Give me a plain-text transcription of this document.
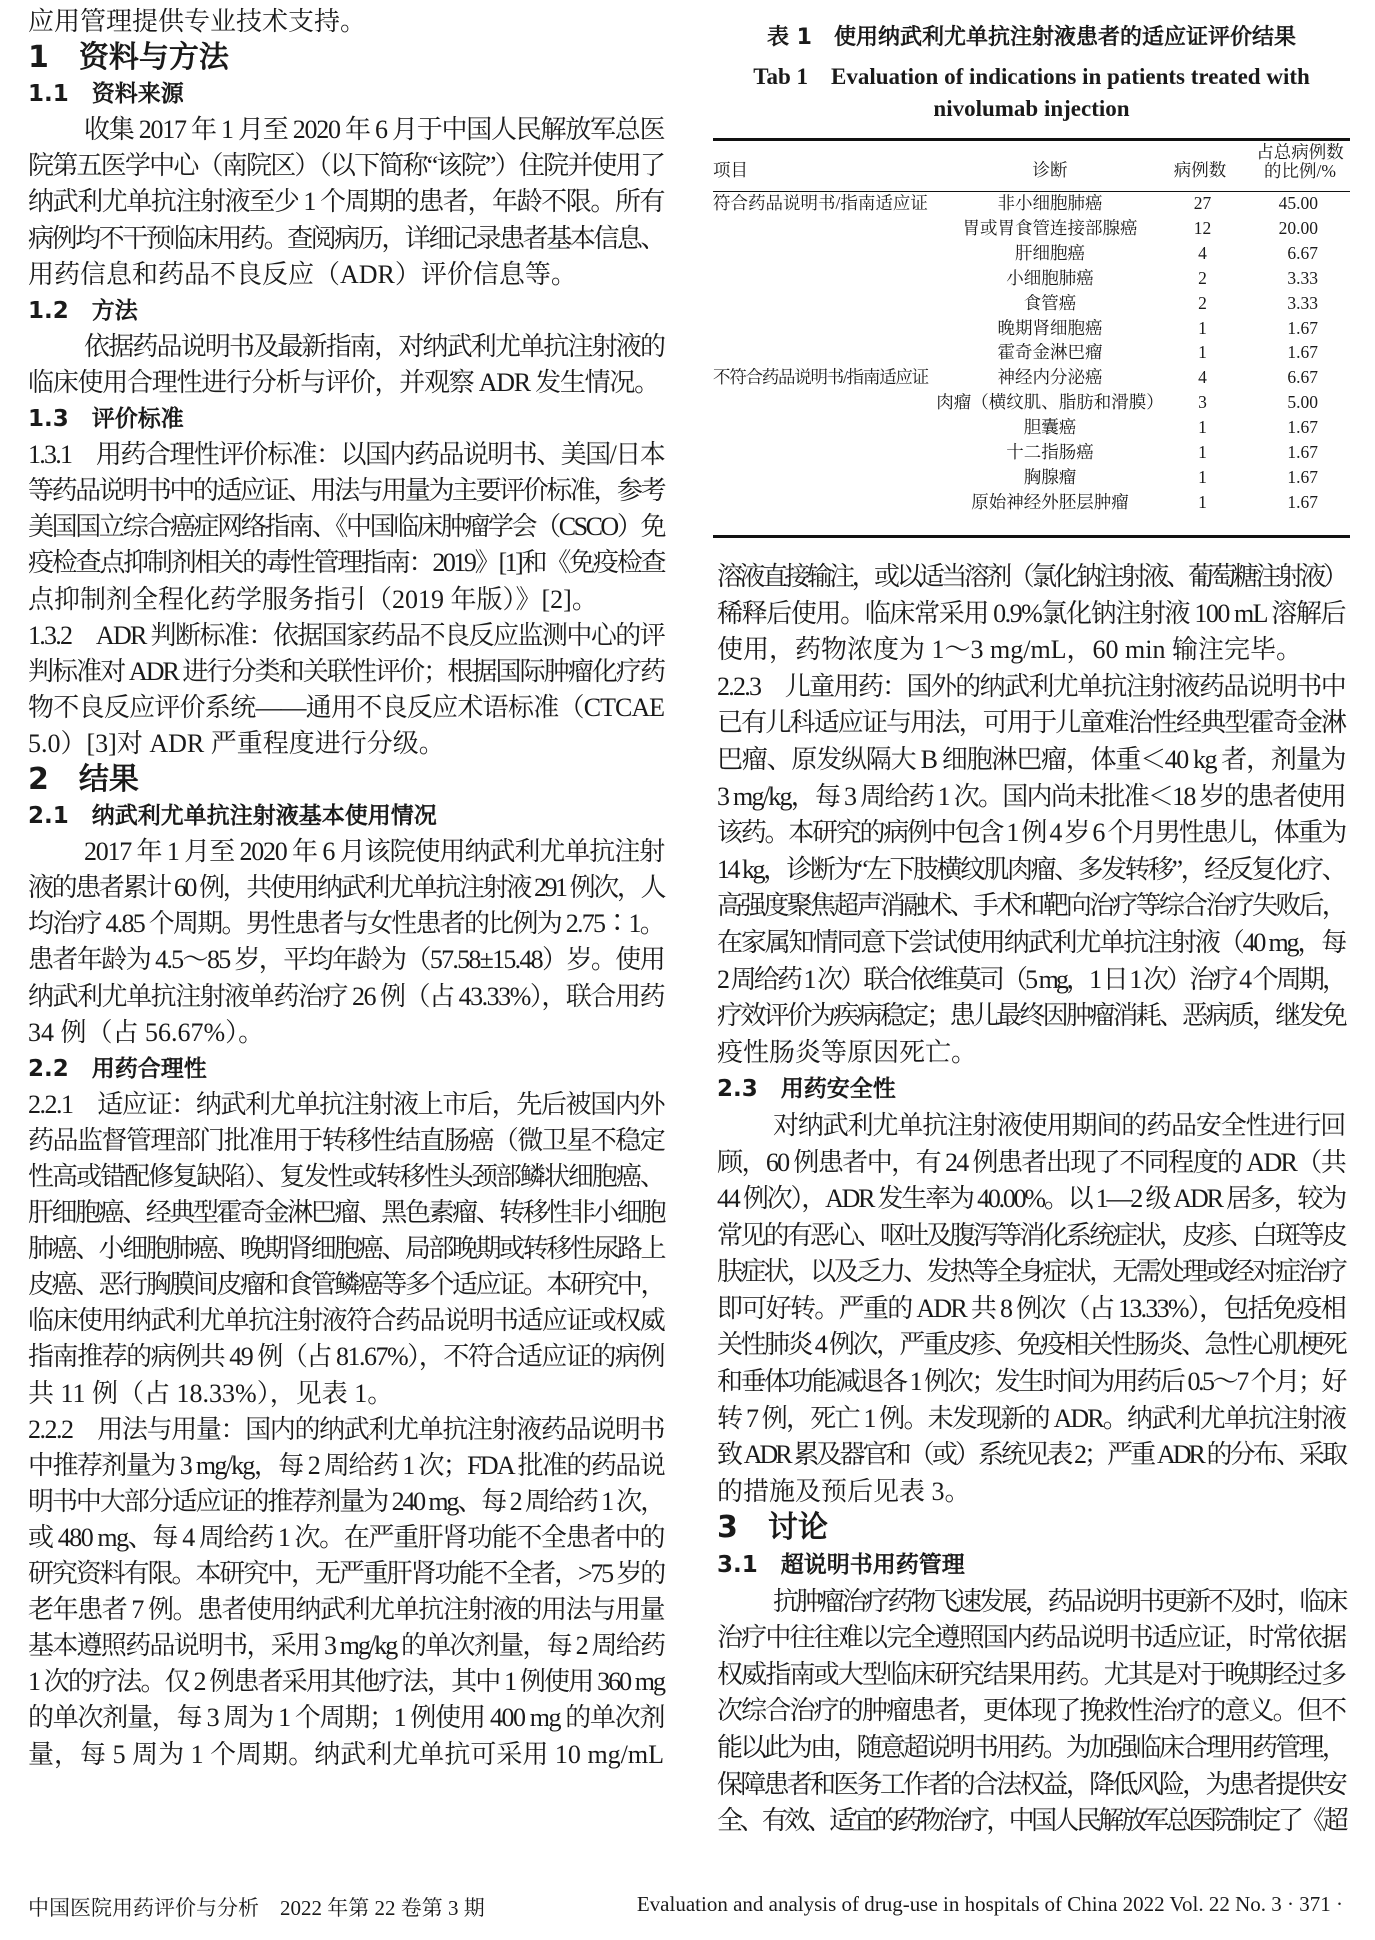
应用管理提供专业技术支持。
1　资料与方法
1.1　资料来源
收集 2017 年 1 月至 2020 年 6 月于中国人民解放军总医
院第五医学中心（南院区）（以下简称“该院”）住院并使用了
纳武利尤单抗注射液至少 1 个周期的患者，年龄不限。所有
病例均不干预临床用药。查阅病历，详细记录患者基本信息、
用药信息和药品不良反应（ADR）评价信息等。
1.2　方法
依据药品说明书及最新指南，对纳武利尤单抗注射液的
临床使用合理性进行分析与评价，并观察 ADR 发生情况。
1.3　评价标准
1.3.1　用药合理性评价标准：以国内药品说明书、美国/日本
等药品说明书中的适应证、用法与用量为主要评价标准，参考
美国国立综合癌症网络指南、《中国临床肿瘤学会（CSCO）免
疫检查点抑制剂相关的毒性管理指南：2019》[1]和《免疫检查
点抑制剂全程化药学服务指引（2019 年版）》[2]。
1.3.2　ADR 判断标准：依据国家药品不良反应监测中心的评
判标准对 ADR 进行分类和关联性评价；根据国际肿瘤化疗药
物不良反应评价系统——通用不良反应术语标准（CTCAE
5.0）[3]对 ADR 严重程度进行分级。
2　结果
2.1　纳武利尤单抗注射液基本使用情况
2017 年 1 月至 2020 年 6 月该院使用纳武利尤单抗注射
液的患者累计 60 例，共使用纳武利尤单抗注射液 291 例次，人
均治疗 4.85 个周期。男性患者与女性患者的比例为 2.75∶1。
患者年龄为 4.5～85 岁，平均年龄为（57.58±15.48）岁。使用
纳武利尤单抗注射液单药治疗 26 例（占 43.33%），联合用药
34 例（占 56.67%）。
2.2　用药合理性
2.2.1　适应证：纳武利尤单抗注射液上市后，先后被国内外
药品监督管理部门批准用于转移性结直肠癌（微卫星不稳定
性高或错配修复缺陷）、复发性或转移性头颈部鳞状细胞癌、
肝细胞癌、经典型霍奇金淋巴瘤、黑色素瘤、转移性非小细胞
肺癌、小细胞肺癌、晚期肾细胞癌、局部晚期或转移性尿路上
皮癌、恶行胸膜间皮瘤和食管鳞癌等多个适应证。本研究中，
临床使用纳武利尤单抗注射液符合药品说明书适应证或权威
指南推荐的病例共 49 例（占 81.67%），不符合适应证的病例
共 11 例（占 18.33%），见表 1。
2.2.2　用法与用量：国内的纳武利尤单抗注射液药品说明书
中推荐剂量为 3 mg/kg，每 2 周给药 1 次；FDA 批准的药品说
明书中大部分适应证的推荐剂量为 240 mg、每 2 周给药 1 次，
或 480 mg、每 4 周给药 1 次。在严重肝肾功能不全患者中的
研究资料有限。本研究中，无严重肝肾功能不全者，>75 岁的
老年患者 7 例。患者使用纳武利尤单抗注射液的用法与用量
基本遵照药品说明书，采用 3 mg/kg 的单次剂量，每 2 周给药
1 次的疗法。仅 2 例患者采用其他疗法，其中 1 例使用 360 mg
的单次剂量，每 3 周为 1 个周期；1 例使用 400 mg 的单次剂
量，每 5 周为 1 个周期。纳武利尤单抗可采用 10 mg/mL
表 1　使用纳武利尤单抗注射液患者的适应证评价结果
Tab 1　Evaluation of indications in patients treated with
nivolumab injection
项目	诊断	病例数
占总病例数
的比例/%
符合药品说明书/指南适应证	非小细胞肺癌	27	45.00
胃或胃食管连接部腺癌	12	20.00
肝细胞癌	4	6.67
小细胞肺癌	2	3.33
食管癌	2	3.33
晚期肾细胞癌	1	1.67
霍奇金淋巴瘤	1	1.67
不符合药品说明书/指南适应证	神经内分泌癌	4	6.67
肉瘤（横纹肌、脂肪和滑膜）	3	5.00
胆囊癌	1	1.67
十二指肠癌	1	1.67
胸腺瘤	1	1.67
原始神经外胚层肿瘤	1	1.67
溶液直接输注，或以适当溶剂（氯化钠注射液、葡萄糖注射液）
稀释后使用。临床常采用 0.9%氯化钠注射液 100 mL 溶解后
使用，药物浓度为 1～3 mg/mL，60 min 输注完毕。
2.2.3　儿童用药：国外的纳武利尤单抗注射液药品说明书中
已有儿科适应证与用法，可用于儿童难治性经典型霍奇金淋
巴瘤、原发纵隔大 B 细胞淋巴瘤，体重＜40 kg 者，剂量为
3 mg/kg，每 3 周给药 1 次。国内尚未批准＜18 岁的患者使用
该药。本研究的病例中包含 1 例 4 岁 6 个月男性患儿，体重为
14 kg，诊断为“左下肢横纹肌肉瘤、多发转移”，经反复化疗、
高强度聚焦超声消融术、手术和靶向治疗等综合治疗失败后，
在家属知情同意下尝试使用纳武利尤单抗注射液（40 mg，每
2 周给药 1 次）联合依维莫司（5 mg，1 日 1 次）治疗 4 个周期，
疗效评价为疾病稳定；患儿最终因肿瘤消耗、恶病质，继发免
疫性肠炎等原因死亡。
2.3　用药安全性
对纳武利尤单抗注射液使用期间的药品安全性进行回
顾，60 例患者中，有 24 例患者出现了不同程度的 ADR（共
44 例次），ADR 发生率为 40.00%。以 1—2 级 ADR 居多，较为
常见的有恶心、呕吐及腹泻等消化系统症状，皮疹、白斑等皮
肤症状，以及乏力、发热等全身症状，无需处理或经对症治疗
即可好转。严重的 ADR 共 8 例次（占 13.33%），包括免疫相
关性肺炎 4 例次，严重皮疹、免疫相关性肠炎、急性心肌梗死
和垂体功能减退各 1 例次；发生时间为用药后 0.5～7 个月；好
转 7 例，死亡 1 例。未发现新的 ADR。纳武利尤单抗注射液
致 ADR 累及器官和（或）系统见表 2；严重 ADR 的分布、采取
的措施及预后见表 3。
3　讨论
3.1　超说明书用药管理
抗肿瘤治疗药物飞速发展，药品说明书更新不及时，临床
治疗中往往难以完全遵照国内药品说明书适应证，时常依据
权威指南或大型临床研究结果用药。尤其是对于晚期经过多
次综合治疗的肿瘤患者，更体现了挽救性治疗的意义。但不
能以此为由，随意超说明书用药。为加强临床合理用药管理，
保障患者和医务工作者的合法权益，降低风险，为患者提供安
全、有效、适宜的药物治疗，中国人民解放军总医院制定了《超
中国医院用药评价与分析　2022 年第 22 卷第 3 期	Evaluation and analysis of drug-use in hospitals of China 2022 Vol. 22 No. 3 · 371 ·
